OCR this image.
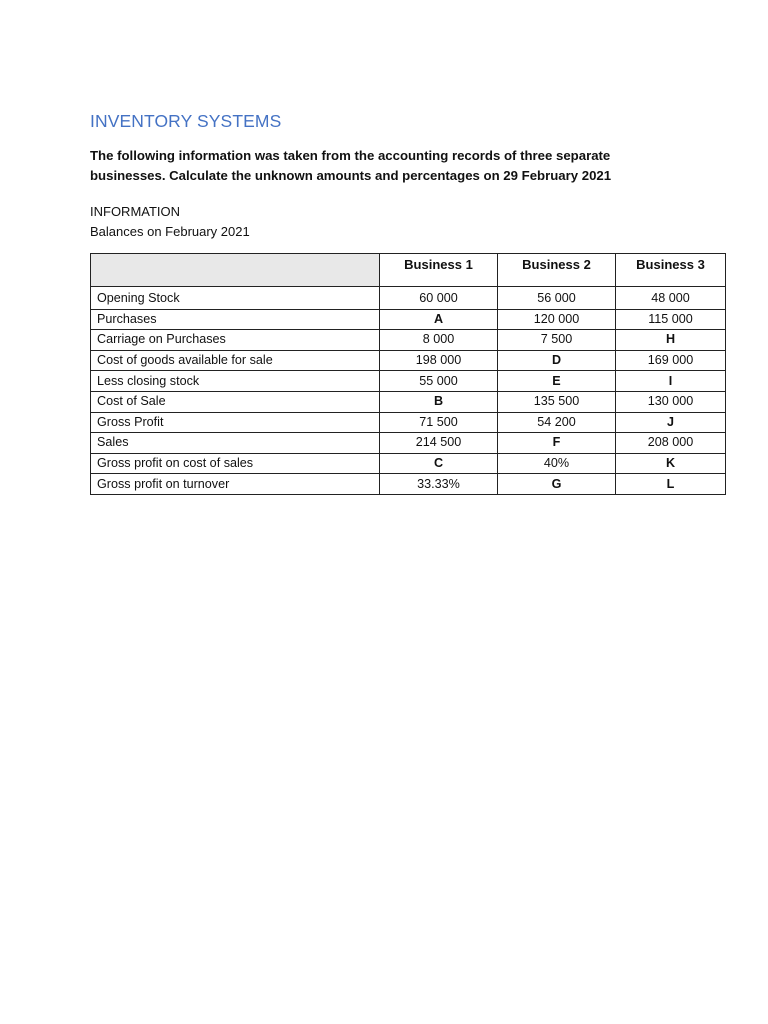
INVENTORY SYSTEMS

The following information was taken from the accounting records of three separate
businesses. Calculate the unknown amounts and percentages on 29 February 2021

INFORMATION

Balances on February 2021

	Business 1	Business 2	Business 3
Opening Stock	60 000	56 000	48 000
Purchases	A	120 000	115 000
Carriage on Purchases	8 000	7 500	H
Cost of goods available for sale	198 000	D	169 000
Less closing stock	55 000	E	I
Cost of Sale	B	135 500	130 000
Gross Profit	71 500	54 200	J
Sales	214 500	F	208 000
Gross profit on cost of sales	C	40%	K
Gross profit on turnover	33.33%	G	L
